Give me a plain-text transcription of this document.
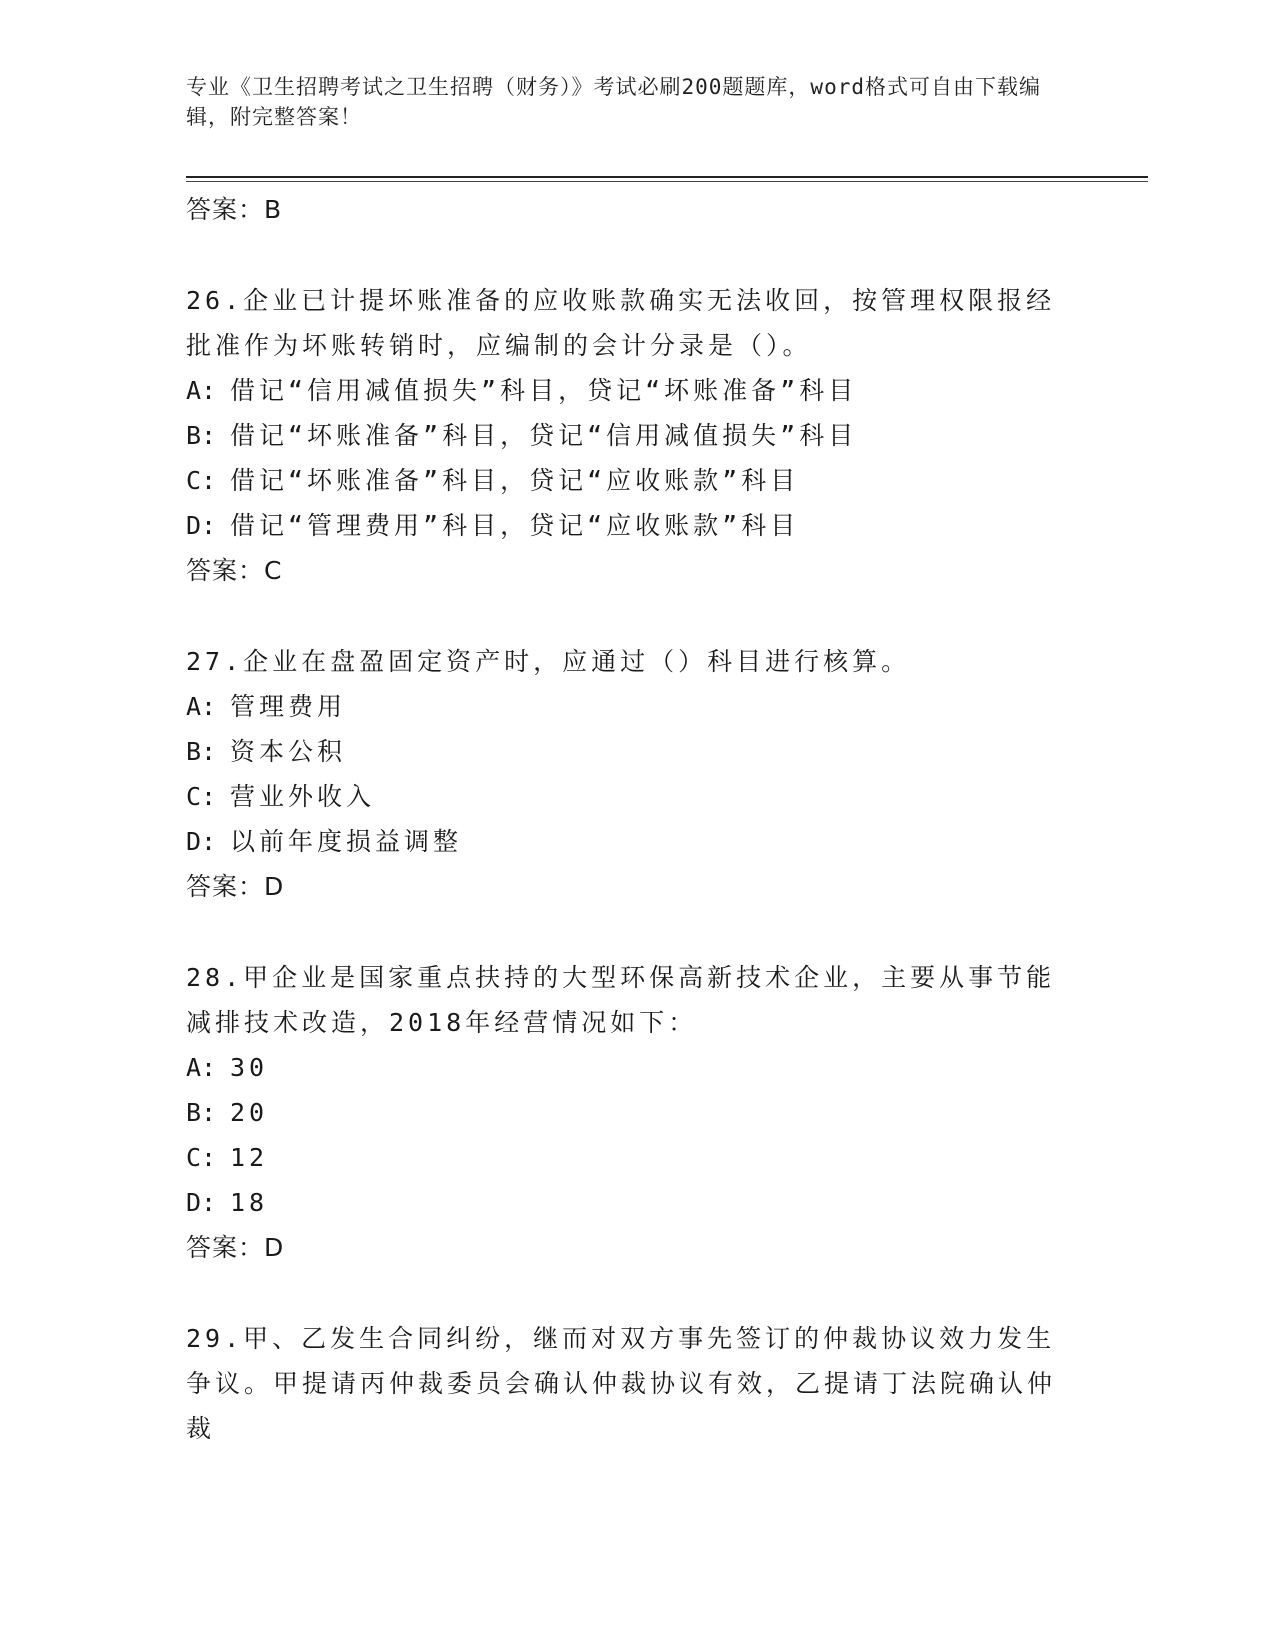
专业《卫生招聘考试之卫生招聘（财务）》考试必刷200题题库，word格式可自由下载编辑，附完整答案！
答案：B
26.企业已计提坏账准备的应收账款确实无法收回，按管理权限报经批准作为坏账转销时，应编制的会计分录是（）。
A: 借记“信用减值损失”科目，贷记“坏账准备”科目
B: 借记“坏账准备”科目，贷记“信用减值损失”科目
C: 借记“坏账准备”科目，贷记“应收账款”科目
D: 借记“管理费用”科目，贷记“应收账款”科目
答案：C
27.企业在盘盈固定资产时，应通过（）科目进行核算。
A: 管理费用
B: 资本公积
C: 营业外收入
D: 以前年度损益调整
答案：D
28.甲企业是国家重点扶持的大型环保高新技术企业，主要从事节能减排技术改造，2018年经营情况如下：
A: 30
B: 20
C: 12
D: 18
答案：D
29.甲、乙发生合同纠纷，继而对双方事先签订的仲裁协议效力发生争议。甲提请丙仲裁委员会确认仲裁协议有效，乙提请丁法院确认仲裁
